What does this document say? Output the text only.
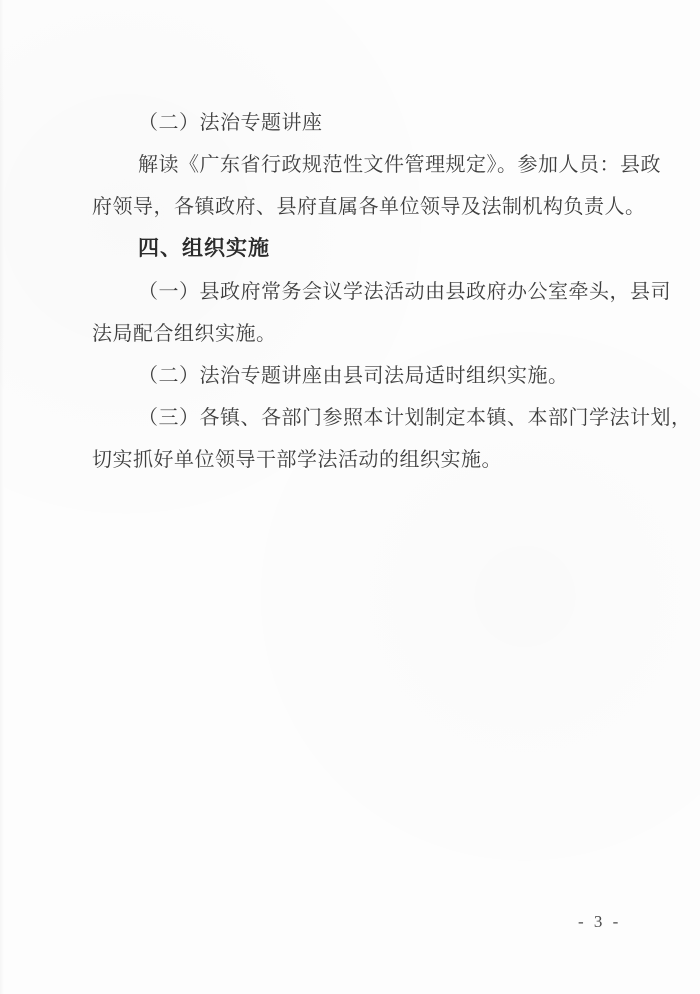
（二）法治专题讲座
解读《广东省行政规范性文件管理规定》。参加人员：县政
府领导，各镇政府、县府直属各单位领导及法制机构负责人。
四、组织实施
（一）县政府常务会议学法活动由县政府办公室牵头，县司
法局配合组织实施。
（二）法治专题讲座由县司法局适时组织实施。
（三）各镇、各部门参照本计划制定本镇、本部门学法计划，
切实抓好单位领导干部学法活动的组织实施。
- 3 -
